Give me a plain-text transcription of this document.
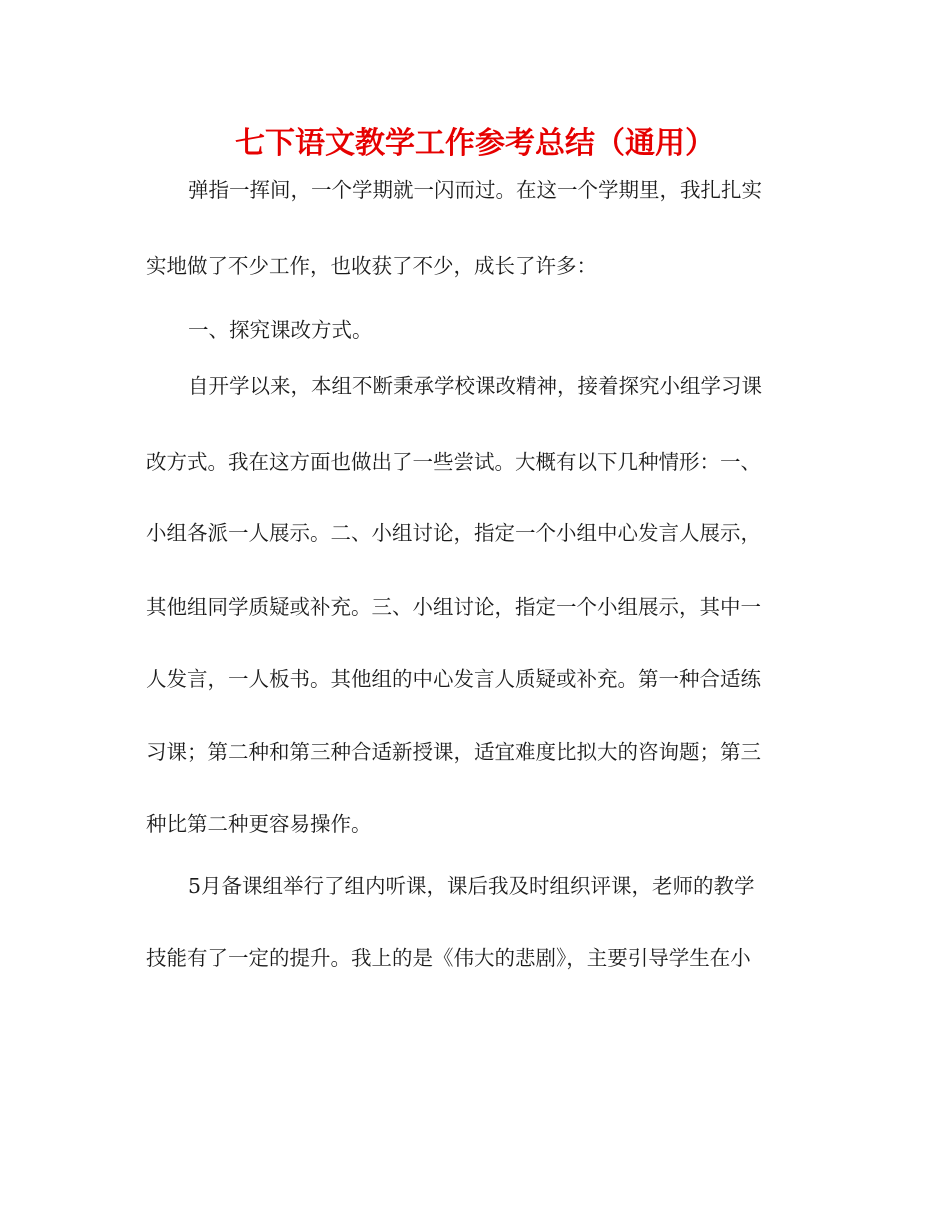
七下语文教学工作参考总结（通用）

弹指一挥间，一个学期就一闪而过。在这一个学期里，我扎扎实

实地做了不少工作，也收获了不少，成长了许多：

一、探究课改方式。

自开学以来，本组不断秉承学校课改精神，接着探究小组学习课

改方式。我在这方面也做出了一些尝试。大概有以下几种情形：一、

小组各派一人展示。二、小组讨论，指定一个小组中心发言人展示，

其他组同学质疑或补充。三、小组讨论，指定一个小组展示，其中一

人发言，一人板书。其他组的中心发言人质疑或补充。第一种合适练

习课；第二种和第三种合适新授课，适宜难度比拟大的咨询题；第三

种比第二种更容易操作。

5月备课组举行了组内听课，课后我及时组织评课，老师的教学

技能有了一定的提升。我上的是《伟大的悲剧》，主要引导学生在小
